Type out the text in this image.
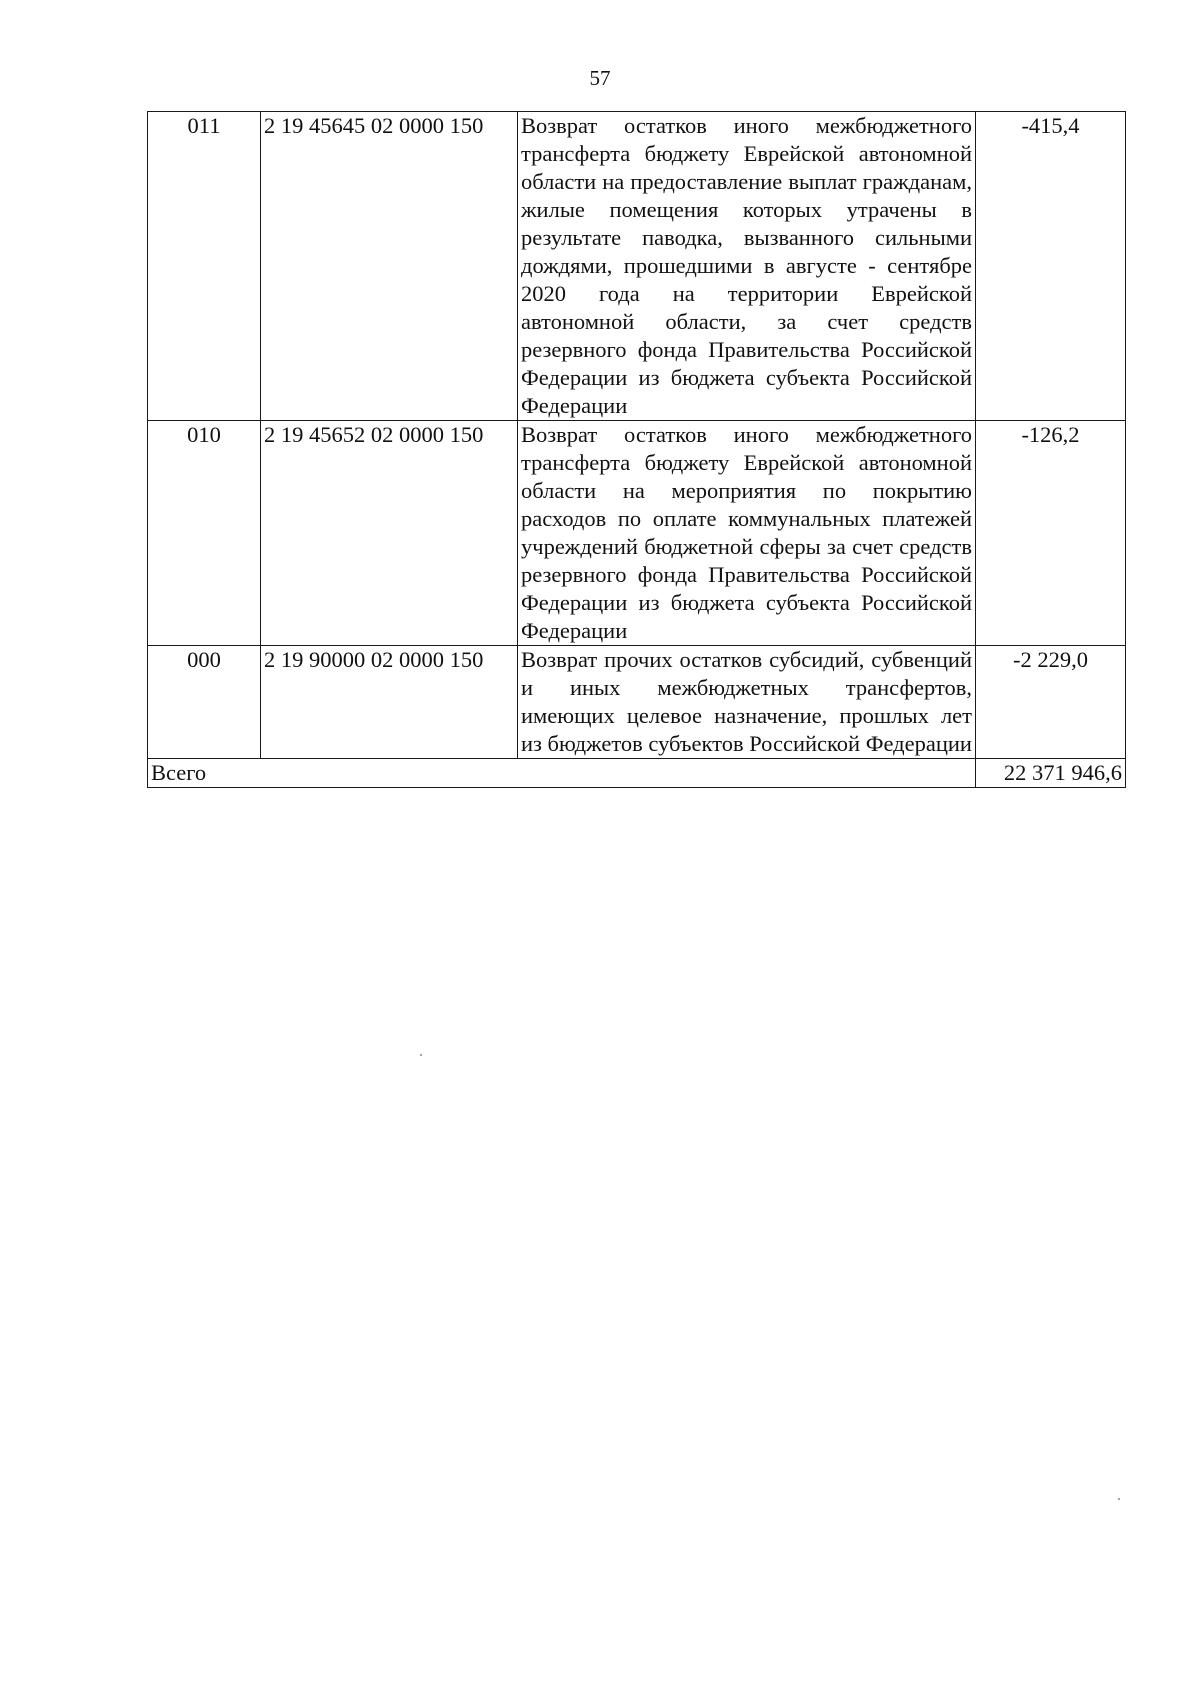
57
011	2 19 45645 02 0000 150	Возврат остатков иного межбюджетного трансферта бюджету Еврейской автономной области на предоставление выплат гражданам, жилые помещения которых утрачены в результате паводка, вызванного сильными дождями, прошедшими в августе - сентябре 2020 года на территории Еврейской автономной области, за счет средств резервного фонда Правительства Российской Федерации из бюджета субъекта Российской Федерации	-415,4
010	2 19 45652 02 0000 150	Возврат остатков иного межбюджетного трансферта бюджету Еврейской автономной области на мероприятия по покрытию расходов по оплате коммунальных платежей учреждений бюджетной сферы за счет средств резервного фонда Правительства Российской Федерации из бюджета субъекта Российской Федерации	-126,2
000	2 19 90000 02 0000 150	Возврат прочих остатков субсидий, субвенций и иных межбюджетных трансфертов, имеющих целевое назначение, прошлых лет из бюджетов субъектов Российской Федерации	-2 229,0
Всего			22 371 946,6
